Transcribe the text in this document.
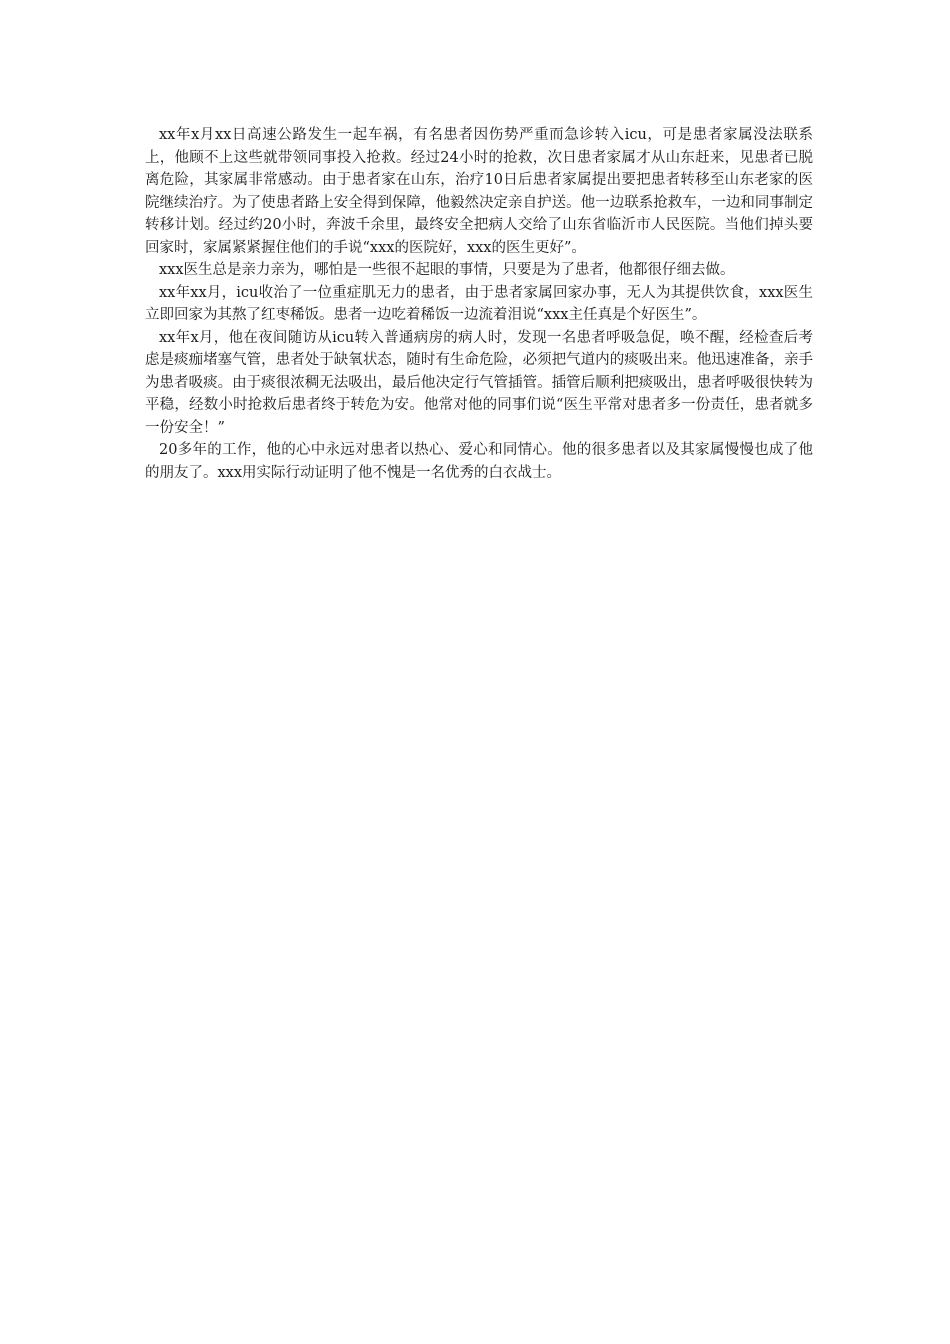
xx年x月xx日高速公路发生一起车祸，有名患者因伤势严重而急诊转入icu，可是患者家属没法联系上，他顾不上这些就带领同事投入抢救。经过24小时的抢救，次日患者家属才从山东赶来，见患者已脱离危险，其家属非常感动。由于患者家在山东，治疗10日后患者家属提出要把患者转移至山东老家的医院继续治疗。为了使患者路上安全得到保障，他毅然决定亲自护送。他一边联系抢救车，一边和同事制定转移计划。经过约20小时，奔波千余里，最终安全把病人交给了山东省临沂市人民医院。当他们掉头要回家时，家属紧紧握住他们的手说“xxx的医院好，xxx的医生更好”。

xxx医生总是亲力亲为，哪怕是一些很不起眼的事情，只要是为了患者，他都很仔细去做。

xx年xx月，icu收治了一位重症肌无力的患者，由于患者家属回家办事，无人为其提供饮食，xxx医生立即回家为其熬了红枣稀饭。患者一边吃着稀饭一边流着泪说“xxx主任真是个好医生”。

xx年x月，他在夜间随访从icu转入普通病房的病人时，发现一名患者呼吸急促，唤不醒，经检查后考虑是痰痂堵塞气管，患者处于缺氧状态，随时有生命危险，必须把气道内的痰吸出来。他迅速准备，亲手为患者吸痰。由于痰很浓稠无法吸出，最后他决定行气管插管。插管后顺利把痰吸出，患者呼吸很快转为平稳，经数小时抢救后患者终于转危为安。他常对他的同事们说“医生平常对患者多一份责任，患者就多一份安全！”

20多年的工作，他的心中永远对患者以热心、爱心和同情心。他的很多患者以及其家属慢慢也成了他的朋友了。xxx用实际行动证明了他不愧是一名优秀的白衣战士。
